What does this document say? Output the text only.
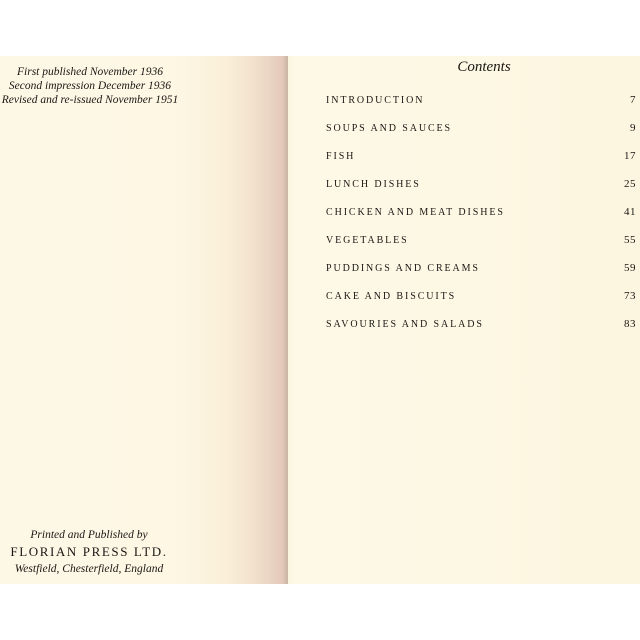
First published November 1936
Second impression December 1936
Revised and re-issued November 1951
Printed and Published by
FLORIAN PRESS LTD.
Westfield, Chesterfield, England
Contents
INTRODUCTION	7
SOUPS AND SAUCES	9
FISH	17
LUNCH DISHES	25
CHICKEN AND MEAT DISHES	41
VEGETABLES	55
PUDDINGS AND CREAMS	59
CAKE AND BISCUITS	73
SAVOURIES AND SALADS	83
